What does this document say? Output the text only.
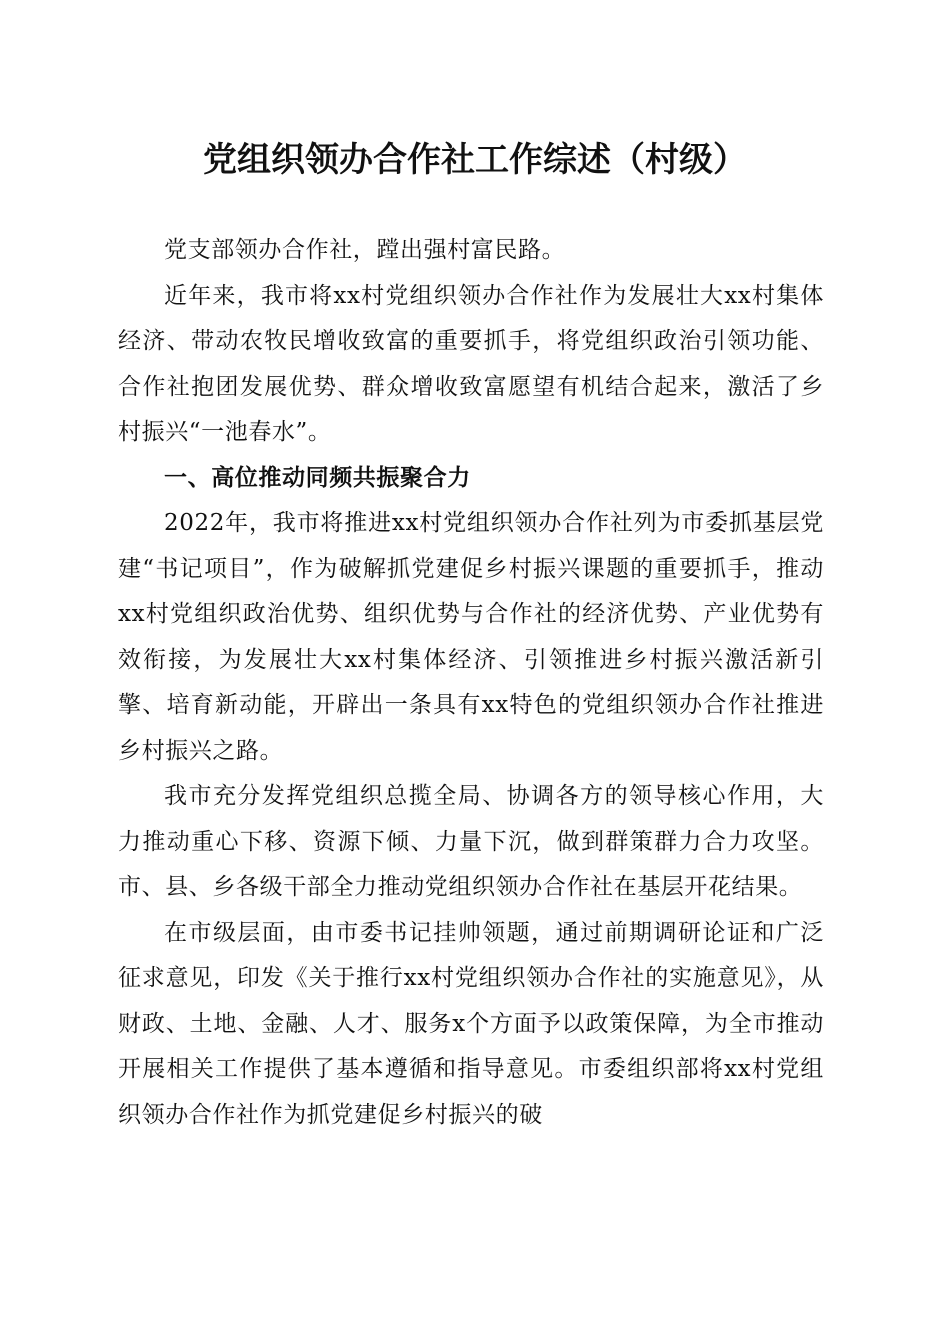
党组织领办合作社工作综述（村级）

党支部领办合作社，蹚出强村富民路。

近年来，我市将xx村党组织领办合作社作为发展壮大xx村集体经济、带动农牧民增收致富的重要抓手，将党组织政治引领功能、合作社抱团发展优势、群众增收致富愿望有机结合起来，激活了乡村振兴“一池春水”。

一、高位推动同频共振聚合力

2022年，我市将推进xx村党组织领办合作社列为市委抓基层党建“书记项目”，作为破解抓党建促乡村振兴课题的重要抓手，推动xx村党组织政治优势、组织优势与合作社的经济优势、产业优势有效衔接，为发展壮大xx村集体经济、引领推进乡村振兴激活新引擎、培育新动能，开辟出一条具有xx特色的党组织领办合作社推进乡村振兴之路。

我市充分发挥党组织总揽全局、协调各方的领导核心作用，大力推动重心下移、资源下倾、力量下沉，做到群策群力合力攻坚。市、县、乡各级干部全力推动党组织领办合作社在基层开花结果。

在市级层面，由市委书记挂帅领题，通过前期调研论证和广泛征求意见，印发《关于推行xx村党组织领办合作社的实施意见》，从财政、土地、金融、人才、服务x个方面予以政策保障，为全市推动开展相关工作提供了基本遵循和指导意见。市委组织部将xx村党组织领办合作社作为抓党建促乡村振兴的破
